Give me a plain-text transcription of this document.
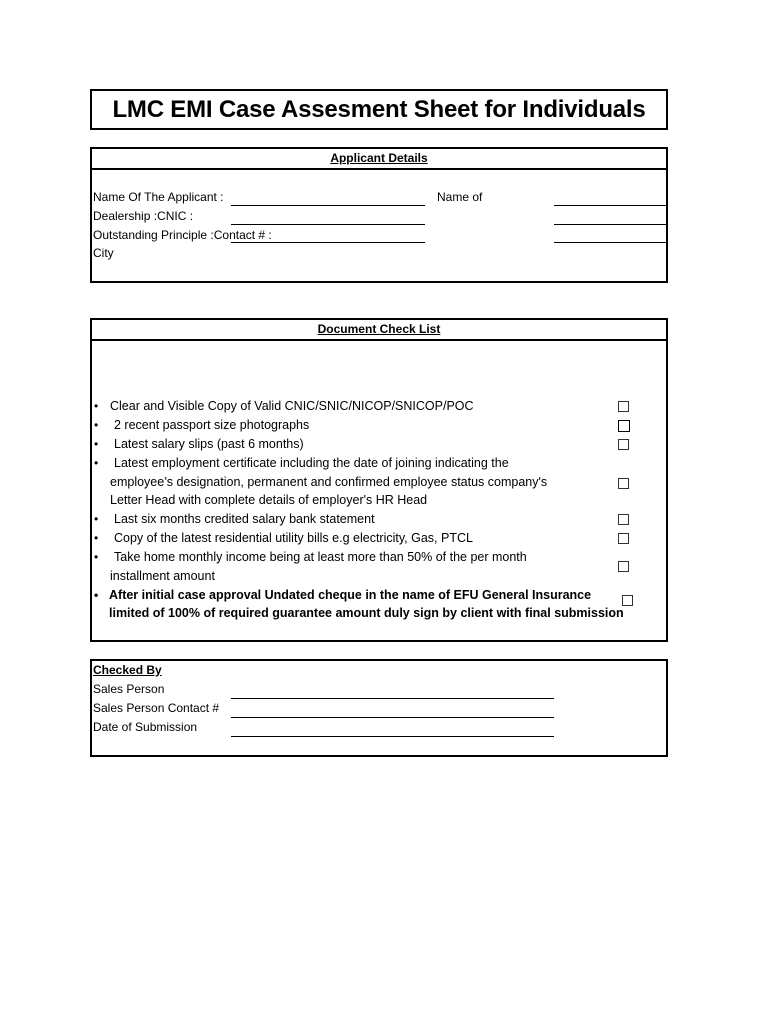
LMC EMI Case Assesment Sheet for Individuals
Applicant Details
Name Of The Applicant :	Name of
Dealership :CNIC :
Outstanding Principle :Contact # :
City
Document Check List
• Clear and Visible Copy of Valid CNIC/SNIC/NICOP/SNICOP/POC
• 2 recent passport size photographs
• Latest salary slips (past 6 months)
• Latest employment certificate including the date of joining indicating the
employee’s designation, permanent and confirmed employee status company's
Letter Head with complete details of employer's HR Head
• Last six months credited salary bank statement
• Copy of the latest residential utility bills e.g electricity, Gas, PTCL
• Take home monthly income being at least more than 50% of the per month
installment amount
• After initial case approval Undated cheque in the name of EFU General Insurance
limited of 100% of required guarantee amount duly sign by client with final submission
Checked By
Sales Person
Sales Person Contact #
Date of Submission
